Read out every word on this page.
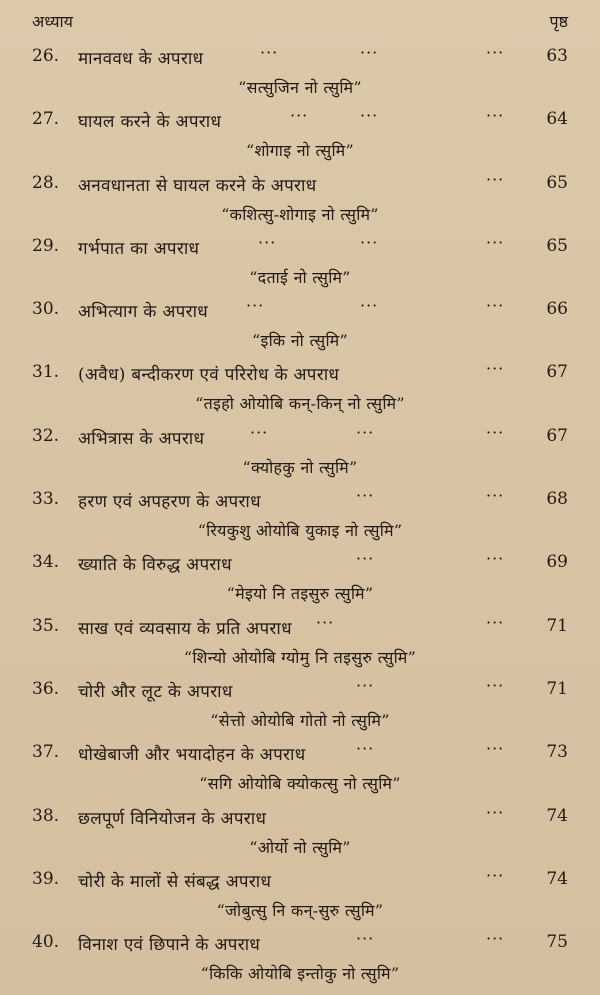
अध्याय	पृष्ठ
26.	मानववध के अपराध	···	···	··· 63
“सत्सुजिन नो त्सुमि”
27.	घायल करने के अपराध	···	···	··· 64
“शोगाइ नो त्सुमि”
28.	अनवधानता से घायल करने के अपराध	··· 65
“कशित्सु-शोगाइ नो त्सुमि”
29.	गर्भपात का अपराध	···	···	··· 65
“दताई नो त्सुमि”
30.	अभित्याग के अपराध ···	···	··· 66
“इकि नो त्सुमि”
31.	(अवैध) बन्दीकरण एवं परिरोध के अपराध	··· 67
“तइहो ओयोबि कन्-किन् नो त्सुमि”
32.	अभित्रास के अपराध	···	···	··· 67
“क्योहकु नो त्सुमि”
33.	हरण एवं अपहरण के अपराध	···	··· 68
“रियकुशु ओयोबि युकाइ नो त्सुमि”
34.	ख्याति के विरुद्ध अपराध	···	··· 69
“मेइयो नि तइसुरु त्सुमि”
35.	साख एवं व्यवसाय के प्रति अपराध ···	··· 71
“शिन्यो ओयोबि ग्योमु नि तइसुरु त्सुमि”
36.	चोरी और लूट के अपराध	···	··· 71
“सेत्तो ओयोबि गोतो नो त्सुमि”
37.	धोखेबाजी और भयादोहन के अपराध	···	··· 73
“सगि ओयोबि क्योकत्सु नो त्सुमि”
38.	छलपूर्ण विनियोजन के अपराध	··· 74
“ओर्यो नो त्सुमि”
39.	चोरी के मालों से संबद्ध अपराध	··· 74
“जोबुत्सु नि कन्-सुरु त्सुमि”
40.	विनाश एवं छिपाने के अपराध	···	··· 75
“किकि ओयोबि इन्तोकु नो त्सुमि”
